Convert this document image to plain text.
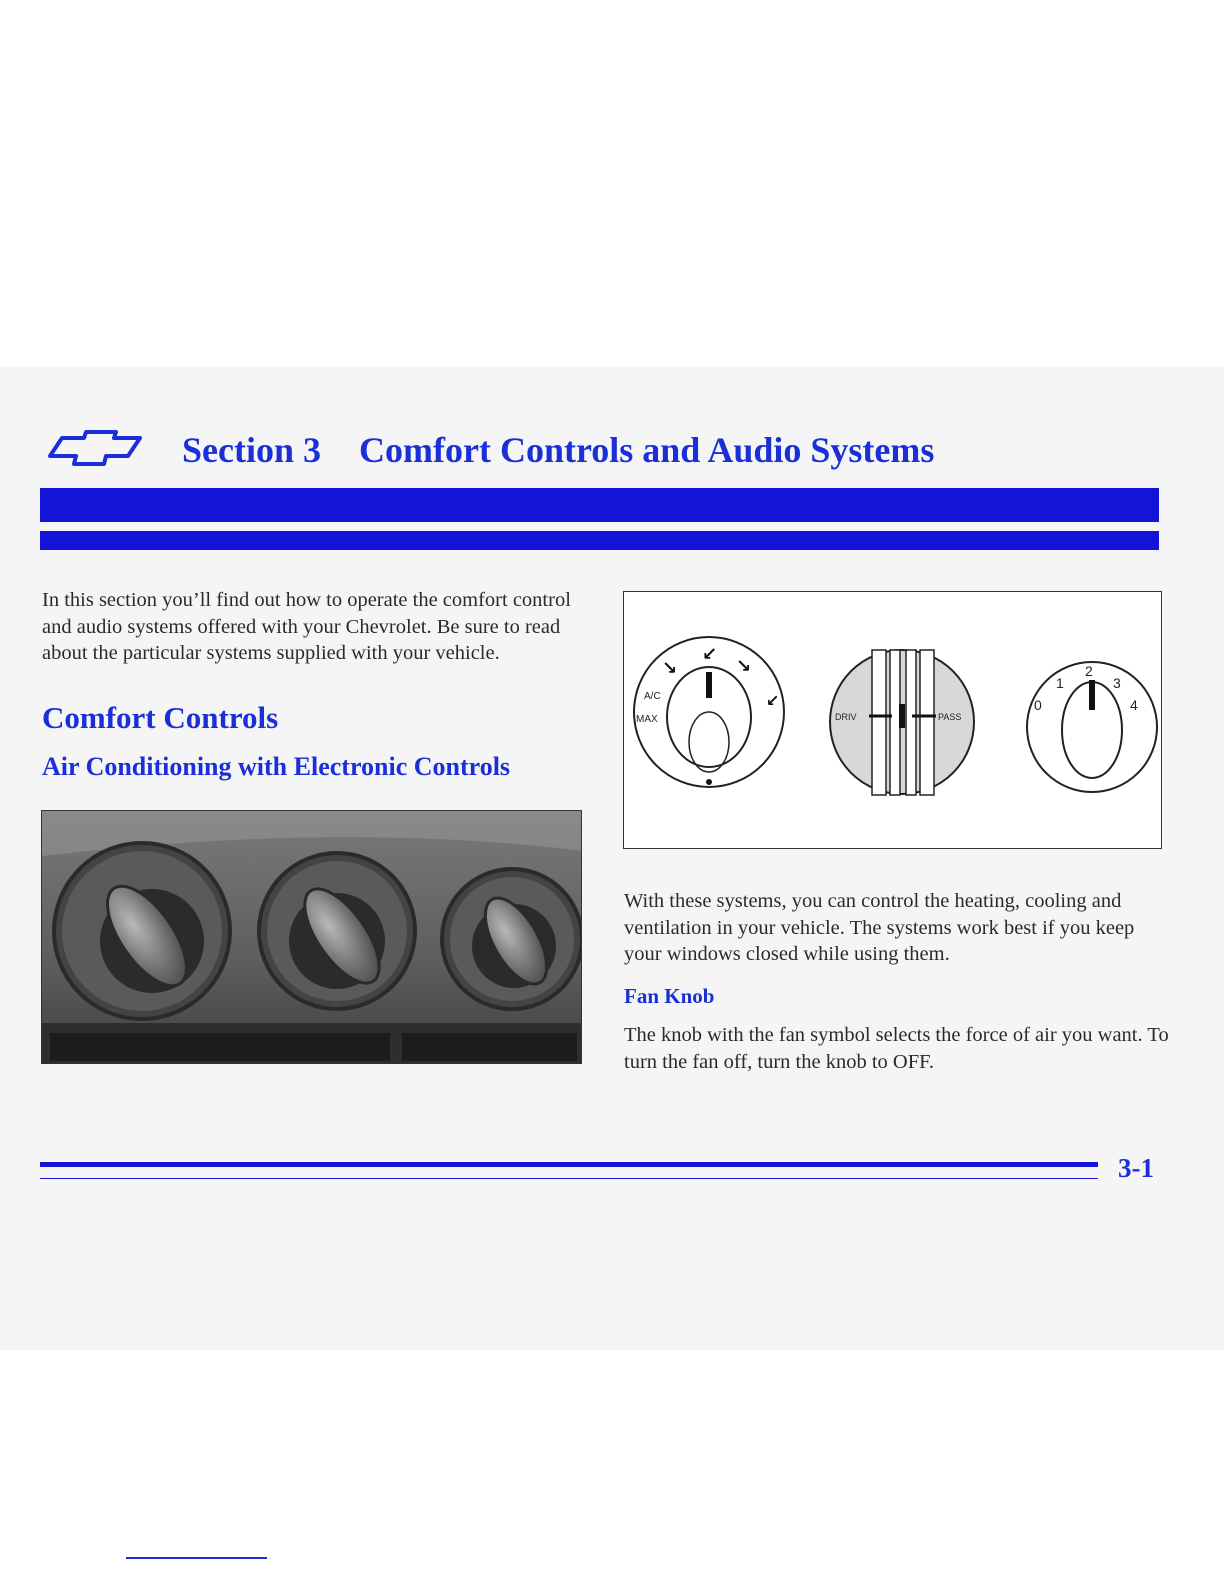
Section 3 Comfort Controls and Audio Systems

In this section you’ll find out how to operate the comfort control and audio systems offered with your Chevrolet. Be sure to read about the particular systems supplied with your vehicle.

Comfort Controls
Air Conditioning with Electronic Controls
A/C
MAX
↘
↙
↘
↙
DRIV	PASS
0
1
2
3
4

With these systems, you can control the heating, cooling and ventilation in your vehicle. The systems work best if you keep your windows closed while using them.

Fan Knob

The knob with the fan symbol selects the force of air you want. To turn the fan off, turn the knob to OFF.

3-1
